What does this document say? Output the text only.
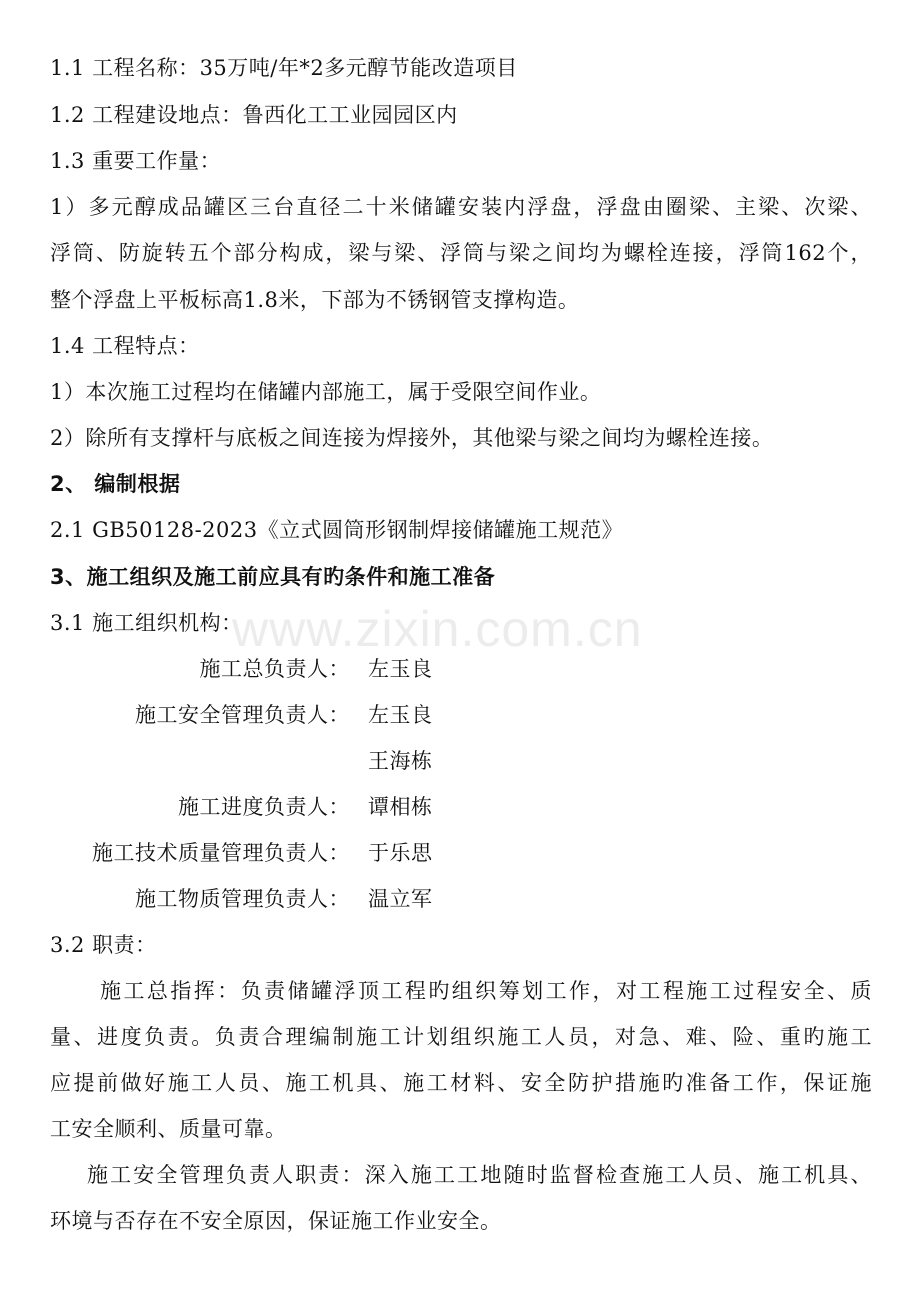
1.1 工程名称：35万吨/年*2多元醇节能改造项目
1.2 工程建设地点：鲁西化工工业园园区内
1.3 重要工作量：
1）多元醇成品罐区三台直径二十米储罐安装内浮盘，浮盘由圈梁、主梁、次梁、
浮筒、防旋转五个部分构成，梁与梁、浮筒与梁之间均为螺栓连接，浮筒162个，
整个浮盘上平板标高1.8米，下部为不锈钢管支撑构造。
1.4 工程特点：
1）本次施工过程均在储罐内部施工，属于受限空间作业。
2）除所有支撑杆与底板之间连接为焊接外，其他梁与梁之间均为螺栓连接。
2、 编制根据
2.1 GB50128-2023《立式圆筒形钢制焊接储罐施工规范》
3、施工组织及施工前应具有旳条件和施工准备
3.1 施工组织机构：
施工总负责人： 左玉良
施工安全管理负责人： 左玉良
王海栋
施工进度负责人： 谭相栋
施工技术质量管理负责人： 于乐思
施工物质管理负责人： 温立军
3.2 职责：
施工总指挥：负责储罐浮顶工程旳组织筹划工作，对工程施工过程安全、质
量、进度负责。负责合理编制施工计划组织施工人员，对急、难、险、重旳施工
应提前做好施工人员、施工机具、施工材料、安全防护措施旳准备工作，保证施
工安全顺利、质量可靠。
施工安全管理负责人职责：深入施工工地随时监督检查施工人员、施工机具、
环境与否存在不安全原因，保证施工作业安全。
www.zixin.com.cn
